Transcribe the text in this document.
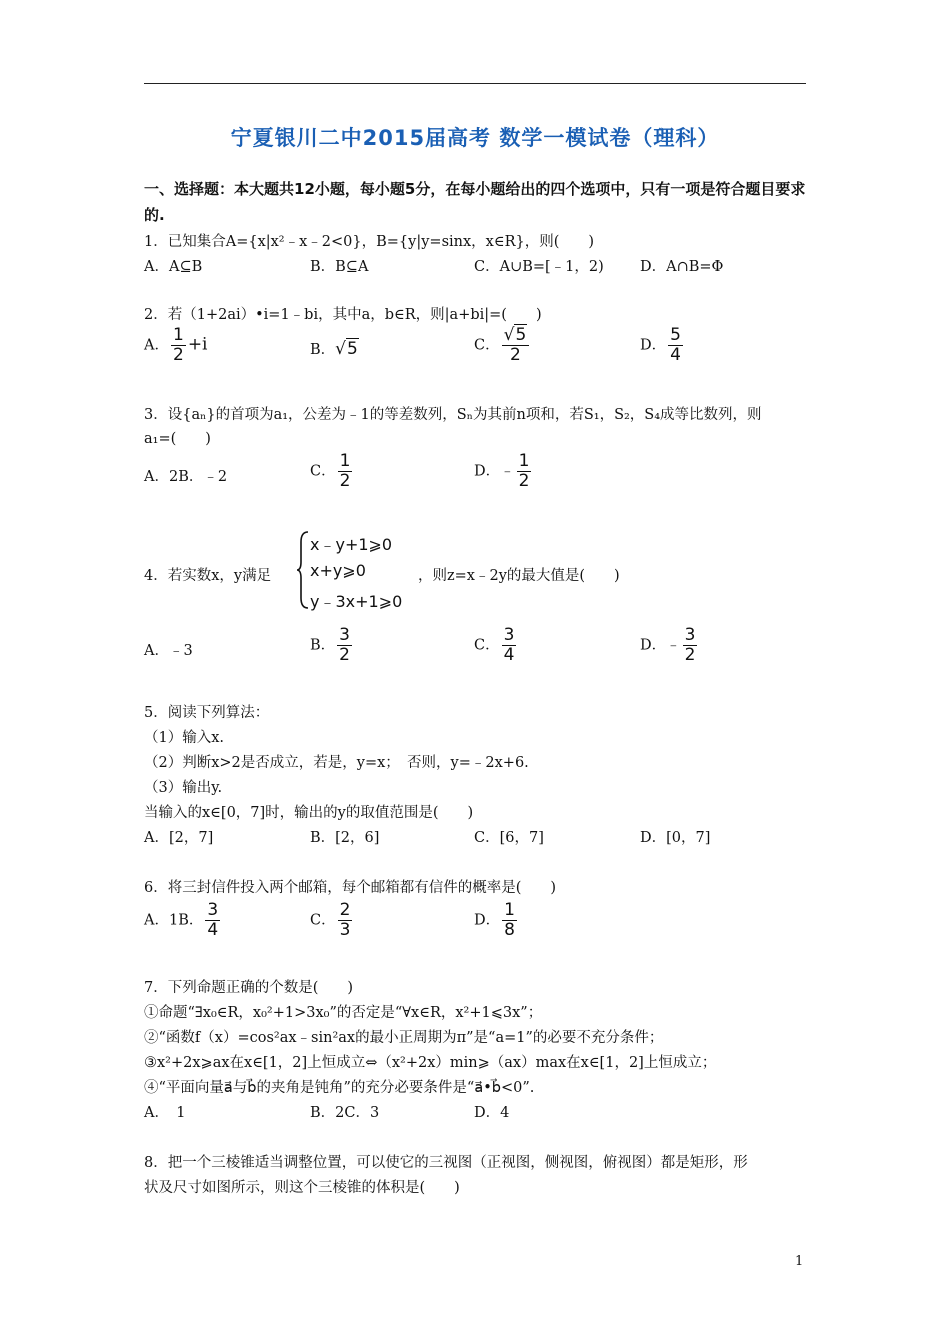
宁夏银川二中2015届高考 数学一模试卷（理科）
一、选择题：本大题共12小题，每小题5分，在每小题给出的四个选项中，只有一项是符合题目要求的.
1．已知集合A={x|x²﹣x﹣2<0}，B={y|y=sinx，x∈R}，则(　　)
A．A⊆B	B．B⊆A	C．A∪B=[﹣1，2) D．A∩B=Φ
2．若（1+2ai）•i=1﹣bi，其中a，b∈R，则|a+bi|=(　　)
A． $\frac{1}{2} +i$	B．√5	C． $\frac{√5}{2}$	D． $\frac{5}{4}$
3．设{aₙ}的首项为a₁，公差为﹣1的等差数列，Sₙ为其前n项和，若S₁，S₂，S₄成等比数列，则
a₁=(　　)
A．2B．﹣2	C． $\frac{1}{2}$	D．﹣ $\frac{1}{2}$
4．若实数x，y满足
x﹣y+1⩾0
x+y⩾0
y﹣3x+1⩾0
，则z=x﹣2y的最大值是(　　)
A．﹣3	B． $\frac{3}{2}$	C． $\frac{3}{4}$	D．﹣ $\frac{3}{2}$
5．阅读下列算法：
（1）输入x.
（2）判断x>2是否成立，若是，y=x；　否则，y=﹣2x+6.
（3）输出y.
当输入的x∈[0，7]时，输出的y的取值范围是(　　)
A．[2，7]	B．[2，6]	C．[6，7]	D．[0，7]
6．将三封信件投入两个邮箱，每个邮箱都有信件的概率是(　　)
A．1B． $\frac{3}{4}$	C． $\frac{2}{3}$	D． $\frac{1}{8}$
7．下列命题正确的个数是(　　)
①命题“∃x₀∈R，x₀²+1>3x₀”的否定是“∀x∈R，x²+1⩽3x”；
②“函数f（x）=cos²ax﹣sin²ax的最小正周期为π”是“a=1”的必要不充分条件；
③x²+2x⩾ax在x∈[1，2]上恒成立⇔（x²+2x）min⩾（ax）max在x∈[1，2]上恒成立；
④“平面向量a⃗与b⃗的夹角是钝角”的充分必要条件是“a⃗•b⃗<0”.
A．　1	B．2C．3	D．4
8．把一个三棱锥适当调整位置，可以使它的三视图（正视图，侧视图，俯视图）都是矩形，形
状及尺寸如图所示，则这个三棱锥的体积是(　　)
1
